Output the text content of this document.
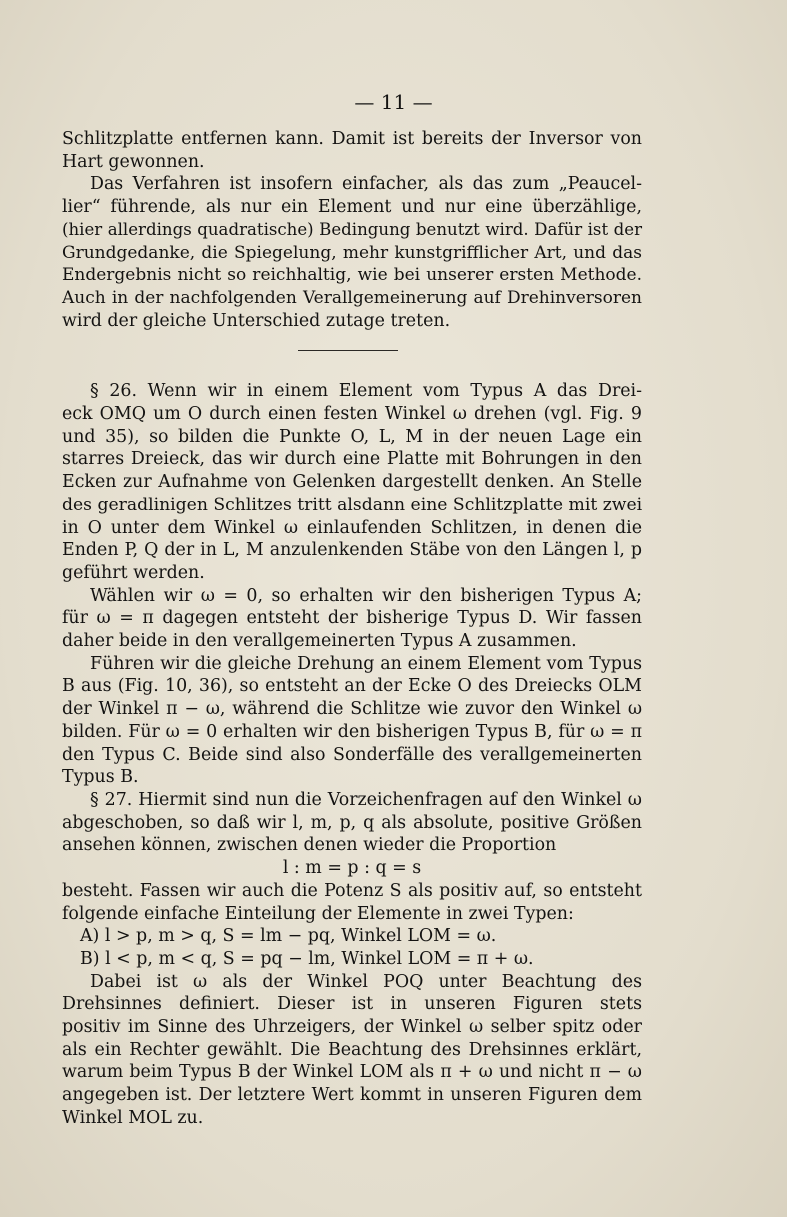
— 11 —
Schlitzplatte entfernen kann. Damit ist bereits der Inversor von
Hart gewonnen.
Das Verfahren ist insofern einfacher, als das zum „Peaucel-
lier“ führende, als nur ein Element und nur eine überzählige,
(hier allerdings quadratische) Bedingung benutzt wird. Dafür ist der
Grundgedanke, die Spiegelung, mehr kunstgrifflicher Art, und das
Endergebnis nicht so reichhaltig, wie bei unserer ersten Methode.
Auch in der nachfolgenden Verallgemeinerung auf Drehinversoren
wird der gleiche Unterschied zutage treten.
§ 26. Wenn wir in einem Element vom Typus A das Drei-
eck OMQ um O durch einen festen Winkel ω drehen (vgl. Fig. 9
und 35), so bilden die Punkte O, L, M in der neuen Lage ein
starres Dreieck, das wir durch eine Platte mit Bohrungen in den
Ecken zur Aufnahme von Gelenken dargestellt denken. An Stelle
des geradlinigen Schlitzes tritt alsdann eine Schlitzplatte mit zwei
in O unter dem Winkel ω einlaufenden Schlitzen, in denen die
Enden P, Q der in L, M anzulenkenden Stäbe von den Längen l, p
geführt werden.
Wählen wir ω = 0, so erhalten wir den bisherigen Typus A;
für ω = π dagegen entsteht der bisherige Typus D. Wir fassen
daher beide in den verallgemeinerten Typus A zusammen.
Führen wir die gleiche Drehung an einem Element vom Typus
B aus (Fig. 10, 36), so entsteht an der Ecke O des Dreiecks OLM
der Winkel π − ω, während die Schlitze wie zuvor den Winkel ω
bilden. Für ω = 0 erhalten wir den bisherigen Typus B, für ω = π
den Typus C. Beide sind also Sonderfälle des verallgemeinerten
Typus B.
§ 27. Hiermit sind nun die Vorzeichenfragen auf den Winkel ω
abgeschoben, so daß wir l, m, p, q als absolute, positive Größen
ansehen können, zwischen denen wieder die Proportion
l : m = p : q = s
besteht. Fassen wir auch die Potenz S als positiv auf, so entsteht
folgende einfache Einteilung der Elemente in zwei Typen:
A) l > p, m > q, S = lm − pq, Winkel LOM = ω.
B) l < p, m < q, S = pq − lm, Winkel LOM = π + ω.
Dabei ist ω als der Winkel POQ unter Beachtung des
Drehsinnes definiert. Dieser ist in unseren Figuren stets
positiv im Sinne des Uhrzeigers, der Winkel ω selber spitz oder
als ein Rechter gewählt. Die Beachtung des Drehsinnes erklärt,
warum beim Typus B der Winkel LOM als π + ω und nicht π − ω
angegeben ist. Der letztere Wert kommt in unseren Figuren dem
Winkel MOL zu.
